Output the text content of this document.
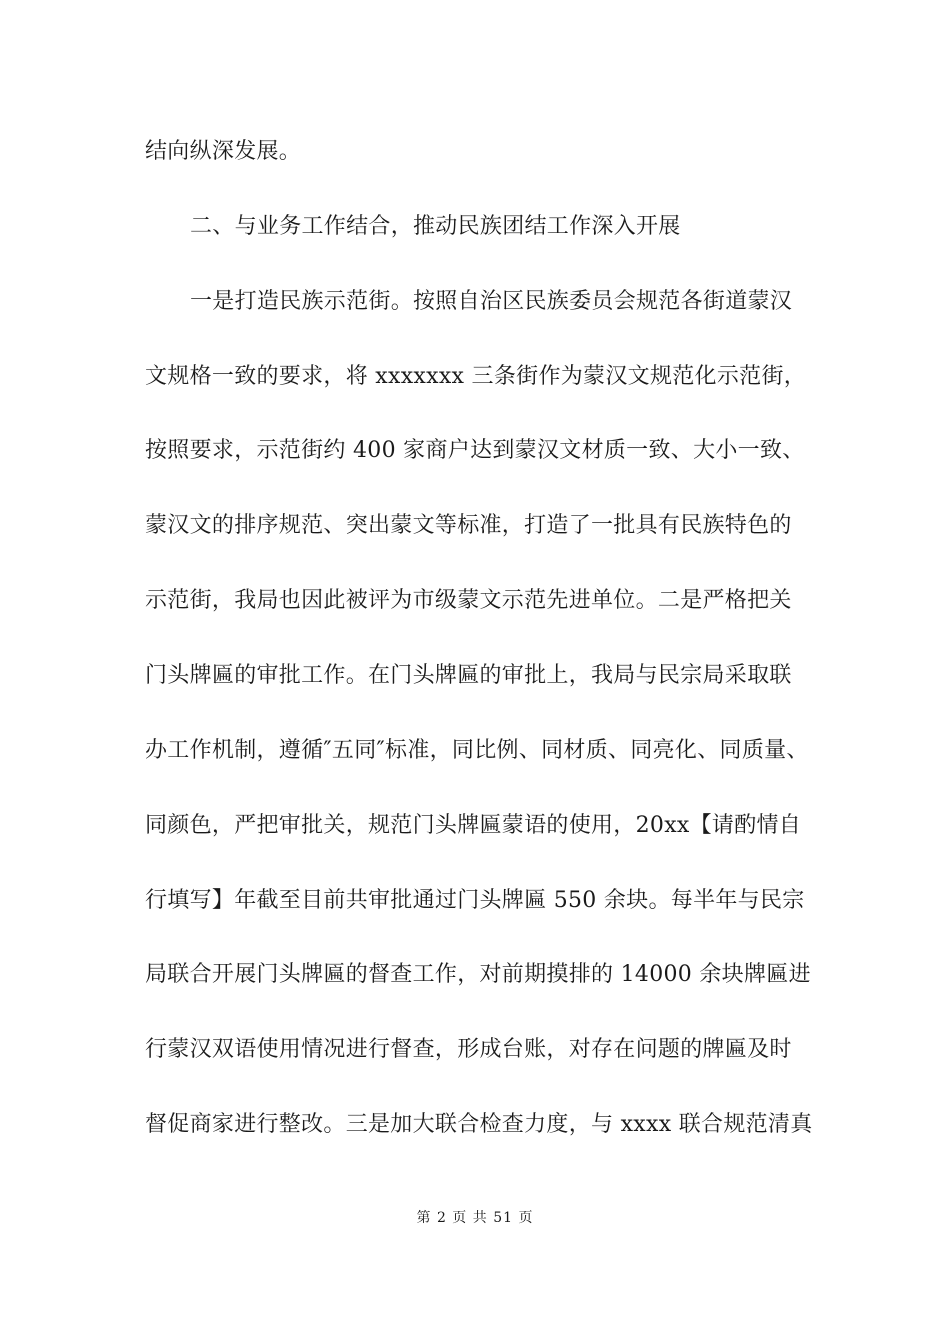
结向纵深发展。
二、与业务工作结合，推动民族团结工作深入开展
一是打造民族示范街。按照自治区民族委员会规范各街道蒙汉
文规格一致的要求，将 xxxxxxx 三条街作为蒙汉文规范化示范街，
按照要求，示范街约 400 家商户达到蒙汉文材质一致、大小一致、
蒙汉文的排序规范、突出蒙文等标准，打造了一批具有民族特色的
示范街，我局也因此被评为市级蒙文示范先进单位。二是严格把关
门头牌匾的审批工作。在门头牌匾的审批上，我局与民宗局采取联
办工作机制，遵循″五同″标准，同比例、同材质、同亮化、同质量、
同颜色，严把审批关，规范门头牌匾蒙语的使用，20xx【请酌情自
行填写】年截至目前共审批通过门头牌匾 550 余块。每半年与民宗
局联合开展门头牌匾的督查工作，对前期摸排的 14000 余块牌匾进
行蒙汉双语使用情况进行督查，形成台账，对存在问题的牌匾及时
督促商家进行整改。三是加大联合检查力度，与 xxxx 联合规范清真
第 2 页 共 51 页
